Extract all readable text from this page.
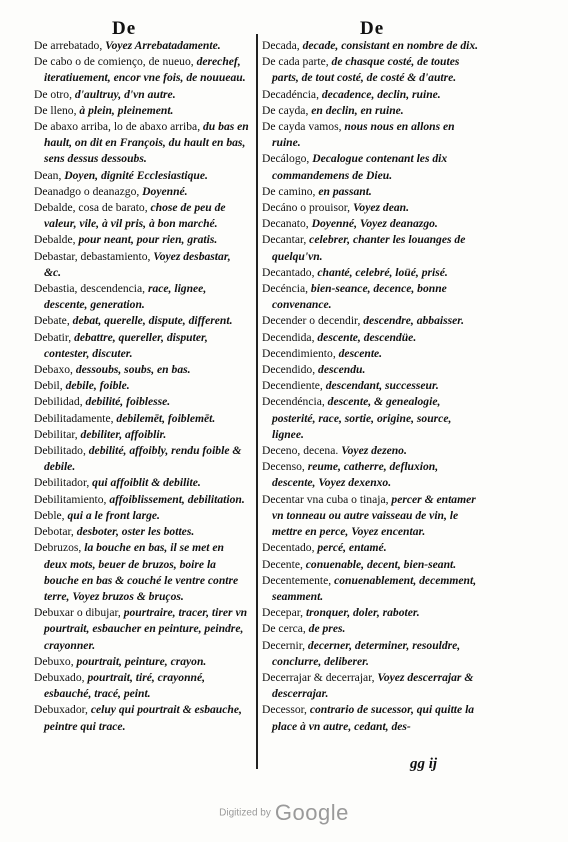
De	De

De arrebatado, Voyez Arrebatadamente.

De cabo o de comienço, de nueuo, derechef, iteratiuement, encor vne fois, de nouueau.

De otro, d'aultruy, d'vn autre.

De lleno, à plein, pleinement.

De abaxo arriba, lo de abaxo arriba, du bas en hault, on dit en François, du hault en bas, sens dessus dessoubs.

Dean, Doyen, dignité Ecclesiastique.

Deanadgo o deanazgo, Doyenné.

Debalde, cosa de barato, chose de peu de valeur, vile, à vil pris, à bon marché.

Debalde, pour neant, pour rien, gratis.

Debastar, debastamiento, Voyez desbastar, &c.

Debastia, descendencia, race, lignee, descente, generation.

Debate, debat, querelle, dispute, different.

Debatir, debattre, quereller, disputer, contester, discuter.

Debaxo, dessoubs, soubs, en bas.

Debil, debile, foible.

Debilidad, debilité, foiblesse.

Debilitadamente, debilemēt, foiblemēt.

Debilitar, debiliter, affoiblir.

Debilitado, debilité, affoibly, rendu foible & debile.

Debilitador, qui affoiblit & debilite.

Debilitamiento, affoiblissement, debilitation.

Deble, qui a le front large.

Debotar, desboter, oster les bottes.

Debruzos, la bouche en bas, il se met en deux mots, beuer de bruzos, boire la bouche en bas & couché le ventre contre terre, Voyez bruzos & bruços.

Debuxar o dibujar, pourtraire, tracer, tirer vn pourtrait, esbaucher en peinture, peindre, crayonner.

Debuxo, pourtrait, peinture, crayon.

Debuxado, pourtrait, tiré, crayonné, esbauché, tracé, peint.

Debuxador, celuy qui pourtrait & esbauche, peintre qui trace.

Decada, decade, consistant en nombre de dix.

De cada parte, de chasque costé, de toutes parts, de tout costé, de costé & d'autre.

Decadéncia, decadence, declin, ruine.

De cayda, en declin, en ruine.

De cayda vamos, nous nous en allons en ruine.

Decálogo, Decalogue contenant les dix commandemens de Dieu.

De camino, en passant.

Decáno o prouisor, Voyez dean.

Decanato, Doyenné, Voyez deanazgo.

Decantar, celebrer, chanter les louanges de quelqu'vn.

Decantado, chanté, celebré, loüé, prisé.

Decéncia, bien-seance, decence, bonne convenance.

Decender o decendir, descendre, abbaisser.

Decendida, descente, descendüe.

Decendimiento, descente.

Decendido, descendu.

Decendiente, descendant, successeur.

Decendéncia, descente, & genealogie, posterité, race, sortie, origine, source, lignee.

Deceno, decena. Voyez dezeno.

Decenso, reume, catherre, defluxion, descente, Voyez dexenxo.

Decentar vna cuba o tinaja, percer & entamer vn tonneau ou autre vaisseau de vin, le mettre en perce, Voyez encentar.

Decentado, percé, entamé.

Decente, conuenable, decent, bien-seant.

Decentemente, conuenablement, decemment, seamment.

Decepar, tronquer, doler, raboter.

De cerca, de pres.

Decernir, decerner, determiner, resouldre, conclurre, deliberer.

Decerrajar & decerrajar, Voyez descerrajar & descerrajar.

Decessor, contrario de sucessor, qui quitte la place à vn autre, cedant, des-

gg ij
Digitized by Google
